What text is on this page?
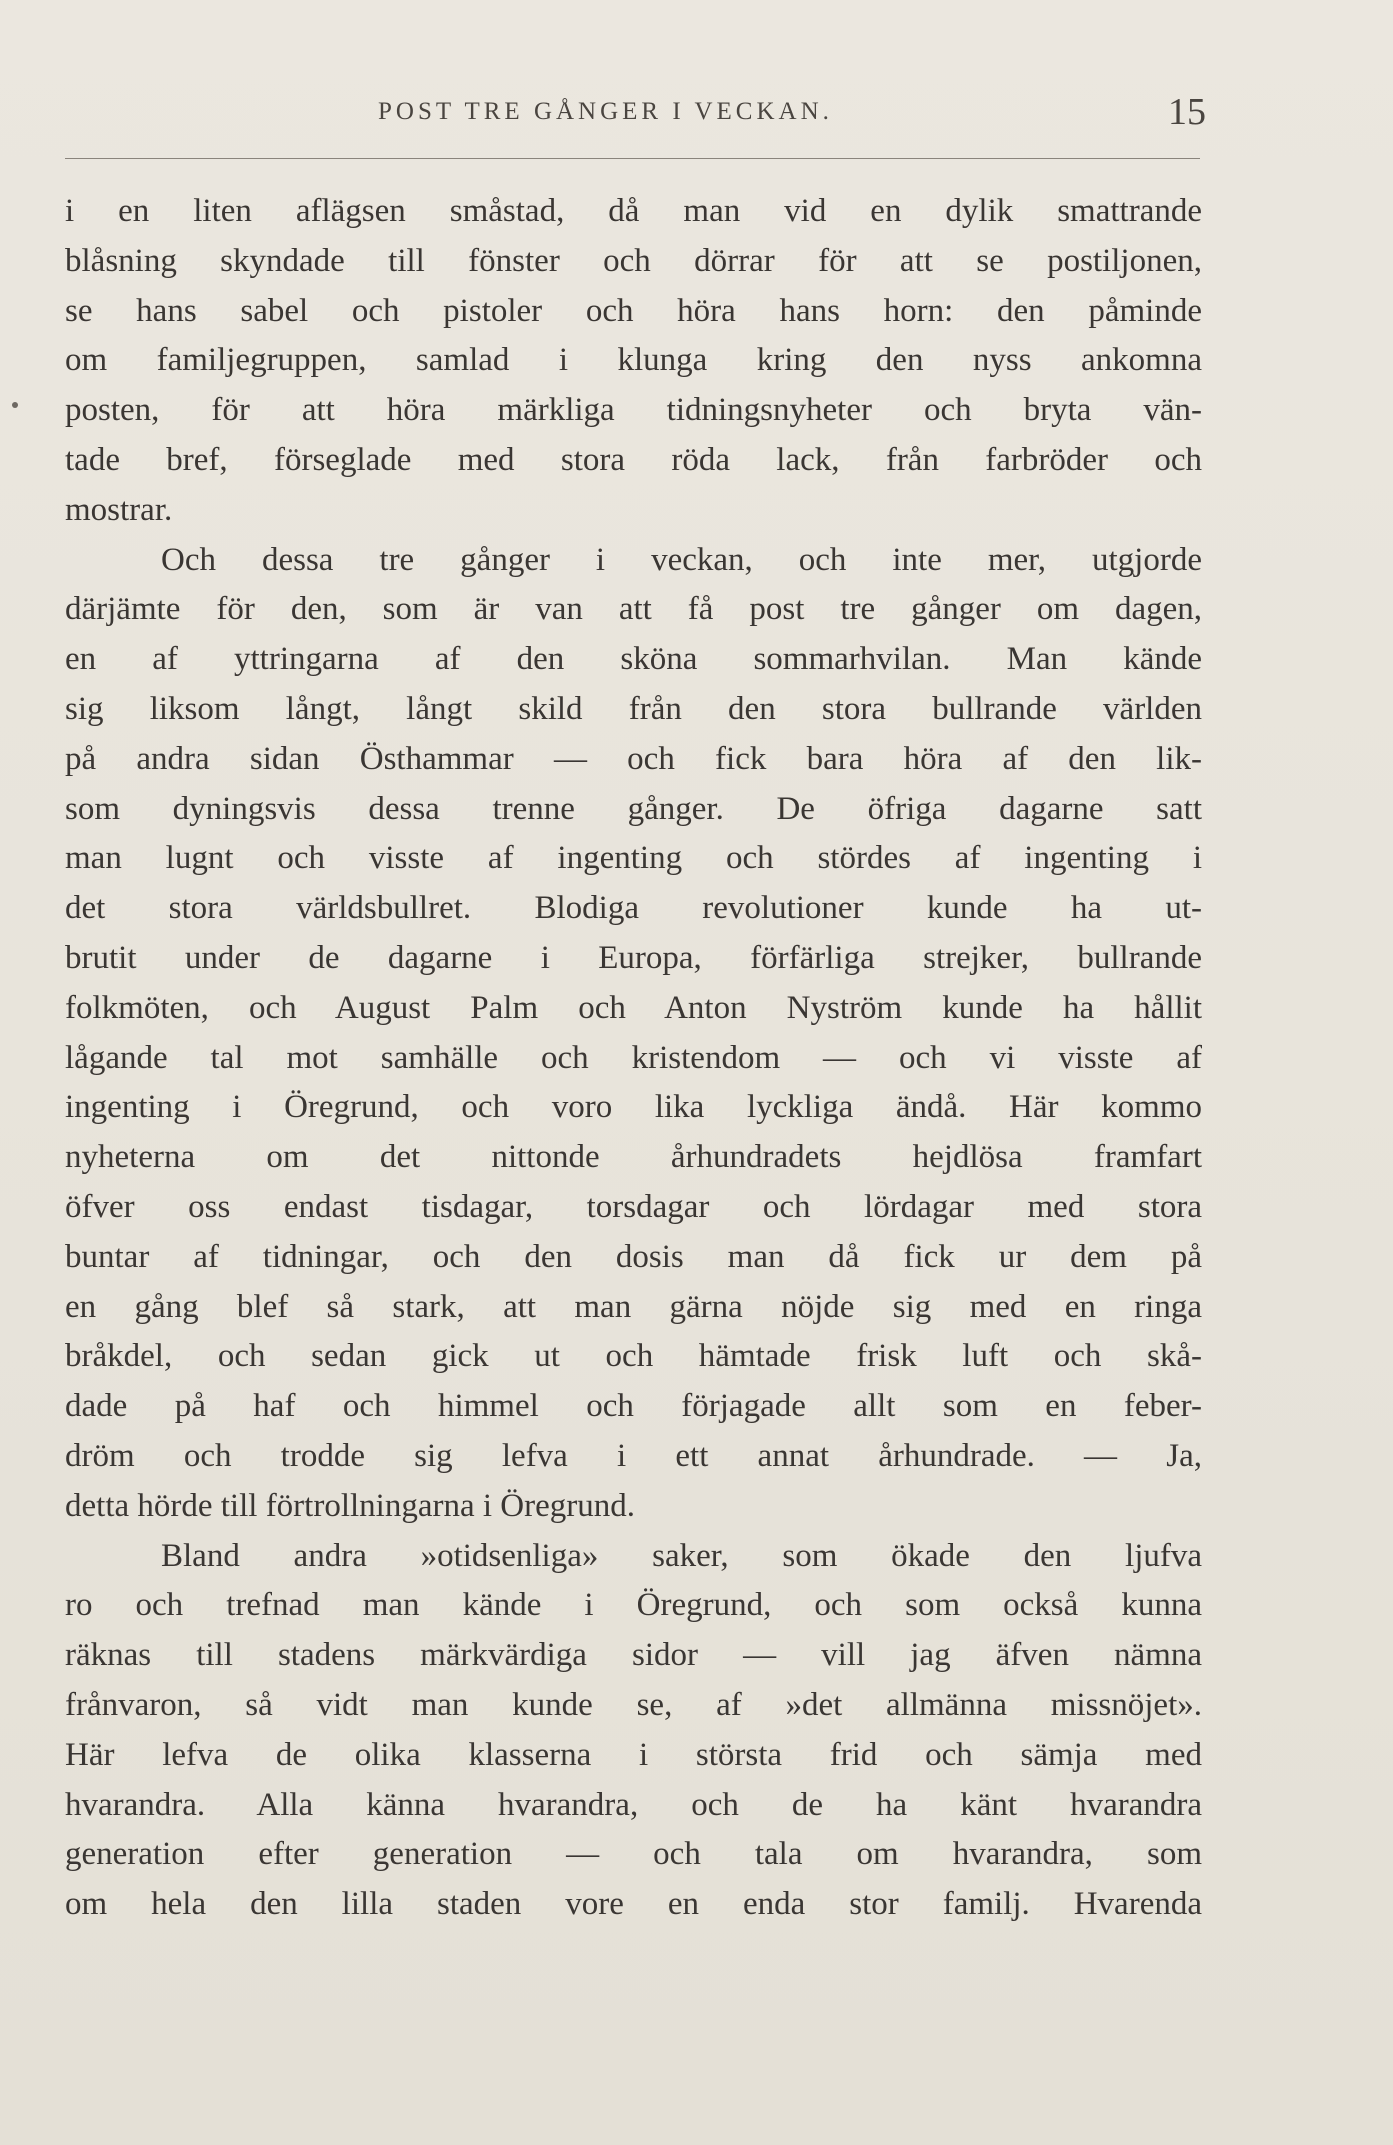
POST TRE GÅNGER I VECKAN.	15
i en liten aflägsen småstad, då man vid en dylik smattrande
blåsning skyndade till fönster och dörrar för att se postiljonen,
se hans sabel och pistoler och höra hans horn: den påminde
om familjegruppen, samlad i klunga kring den nyss ankomna
posten, för att höra märkliga tidningsnyheter och bryta vän-
tade bref, förseglade med stora röda lack, från farbröder och
mostrar.
Och dessa tre gånger i veckan, och inte mer, utgjorde
därjämte för den, som är van att få post tre gånger om dagen,
en af yttringarna af den sköna sommarhvilan. Man kände
sig liksom långt, långt skild från den stora bullrande världen
på andra sidan Östhammar — och fick bara höra af den lik-
som dyningsvis dessa trenne gånger. De öfriga dagarne satt
man lugnt och visste af ingenting och stördes af ingenting i
det stora världsbullret. Blodiga revolutioner kunde ha ut-
brutit under de dagarne i Europa, förfärliga strejker, bullrande
folkmöten, och August Palm och Anton Nyström kunde ha hållit
lågande tal mot samhälle och kristendom — och vi visste af
ingenting i Öregrund, och voro lika lyckliga ändå. Här kommo
nyheterna om det nittonde århundradets hejdlösa framfart
öfver oss endast tisdagar, torsdagar och lördagar med stora
buntar af tidningar, och den dosis man då fick ur dem på
en gång blef så stark, att man gärna nöjde sig med en ringa
bråkdel, och sedan gick ut och hämtade frisk luft och skå-
dade på haf och himmel och förjagade allt som en feber-
dröm och trodde sig lefva i ett annat århundrade. — Ja,
detta hörde till förtrollningarna i Öregrund.
Bland andra »otidsenliga» saker, som ökade den ljufva
ro och trefnad man kände i Öregrund, och som också kunna
räknas till stadens märkvärdiga sidor — vill jag äfven nämna
frånvaron, så vidt man kunde se, af »det allmänna missnöjet».
Här lefva de olika klasserna i största frid och sämja med
hvarandra. Alla känna hvarandra, och de ha känt hvarandra
generation efter generation — och tala om hvarandra, som
om hela den lilla staden vore en enda stor familj. Hvarenda
